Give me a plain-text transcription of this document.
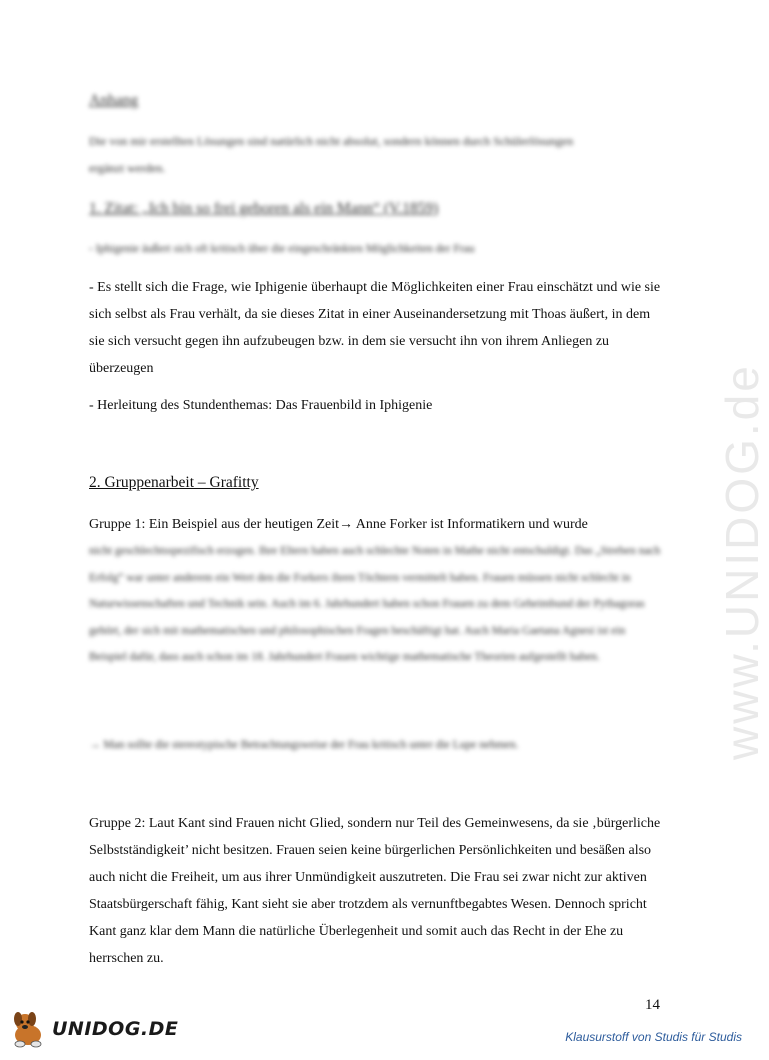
www.UNIDOG.de
Anhang
Die von mir erstellten Lösungen sind natürlich nicht absolut, sondern können durch Schülerlösungen ergänzt werden.
1. Zitat: „Ich bin so frei geboren als ein Mann“ (V.1859)
- Iphigenie äußert sich oft kritisch über die eingeschränkten Möglichkeiten der Frau
- Es stellt sich die Frage, wie Iphigenie überhaupt die Möglichkeiten einer Frau einschätzt und wie sie sich selbst als Frau verhält, da sie dieses Zitat in einer Auseinandersetzung mit Thoas äußert, in dem sie sich versucht gegen ihn aufzubeugen bzw. in dem sie versucht ihn von ihrem Anliegen zu überzeugen
- Herleitung des Stundenthemas: Das Frauenbild in Iphigenie
2. Gruppenarbeit – Grafitty
Gruppe 1: Ein Beispiel aus der heutigen Zeit→ Anne Forker ist Informatikern und wurde
nicht geschlechtsspezifisch erzogen. Ihre Eltern haben auch schlechte Noten in Mathe nicht entschuldigt. Das „Streben nach Erfolg“ war unter anderem ein Wert den die Forkers ihren Töchtern vermittelt haben. Frauen müssen nicht schlecht in Naturwissenschaften und Technik sein. Auch im 6. Jahrhundert haben schon Frauen zu dem Geheimbund der Pythagoras gehört, der sich mit mathematischen und philosophischen Fragen beschäftigt hat. Auch Maria Gaetana Agnesi ist ein Beispiel dafür, dass auch schon im 18. Jahrhundert Frauen wichtige mathematische Theorien aufgestellt haben.
→ Man sollte die stereotypische Betrachtungsweise der Frau kritisch unter die Lupe nehmen.
Gruppe 2: Laut Kant sind Frauen nicht Glied, sondern nur Teil des Gemeinwesens, da sie ‚bürgerliche Selbstständigkeit’ nicht besitzen. Frauen seien keine bürgerlichen Persönlichkeiten und besäßen also auch nicht die Freiheit, um aus ihrer Unmündigkeit auszutreten. Die Frau sei zwar nicht zur aktiven Staatsbürgerschaft fähig, Kant sieht sie aber trotzdem als vernunftbegabtes Wesen. Dennoch spricht Kant ganz klar dem Mann die natürliche Überlegenheit und somit auch das Recht in der Ehe zu herrschen zu.
14
UNIDOG.DE	Klausurstoff von Studis für Studis
